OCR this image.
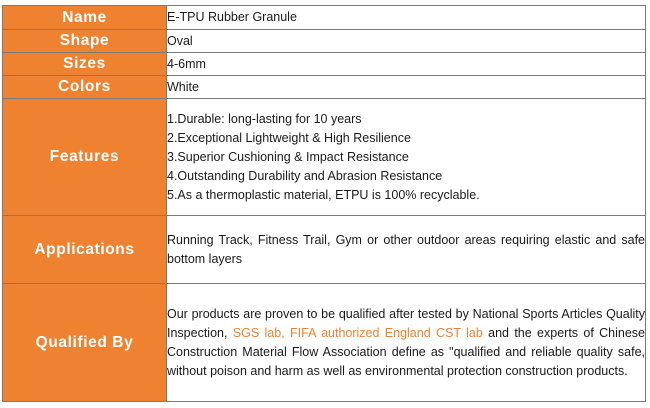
Name	E-TPU Rubber Granule
Shape	Oval
Sizes	4-6mm
Colors	White
Features	1.Durable: long-lasting for 10 years
2.Exceptional Lightweight & High Resilience
3.Superior Cushioning & Impact Resistance
4.Outstanding Durability and Abrasion Resistance
5.As a thermoplastic material, ETPU is 100% recyclable.

Applications	Running Track, Fitness Trail, Gym or other outdoor areas requiring elastic and safe bottom layers
Qualified By	Our products are proven to be qualified after tested by National Sports Articles Quality Inspection, SGS lab, FIFA authorized England CST lab and the experts of Chinese Construction Material Flow Association define as "qualified and reliable quality safe, without poison and harm as well as environmental protection construction products.
